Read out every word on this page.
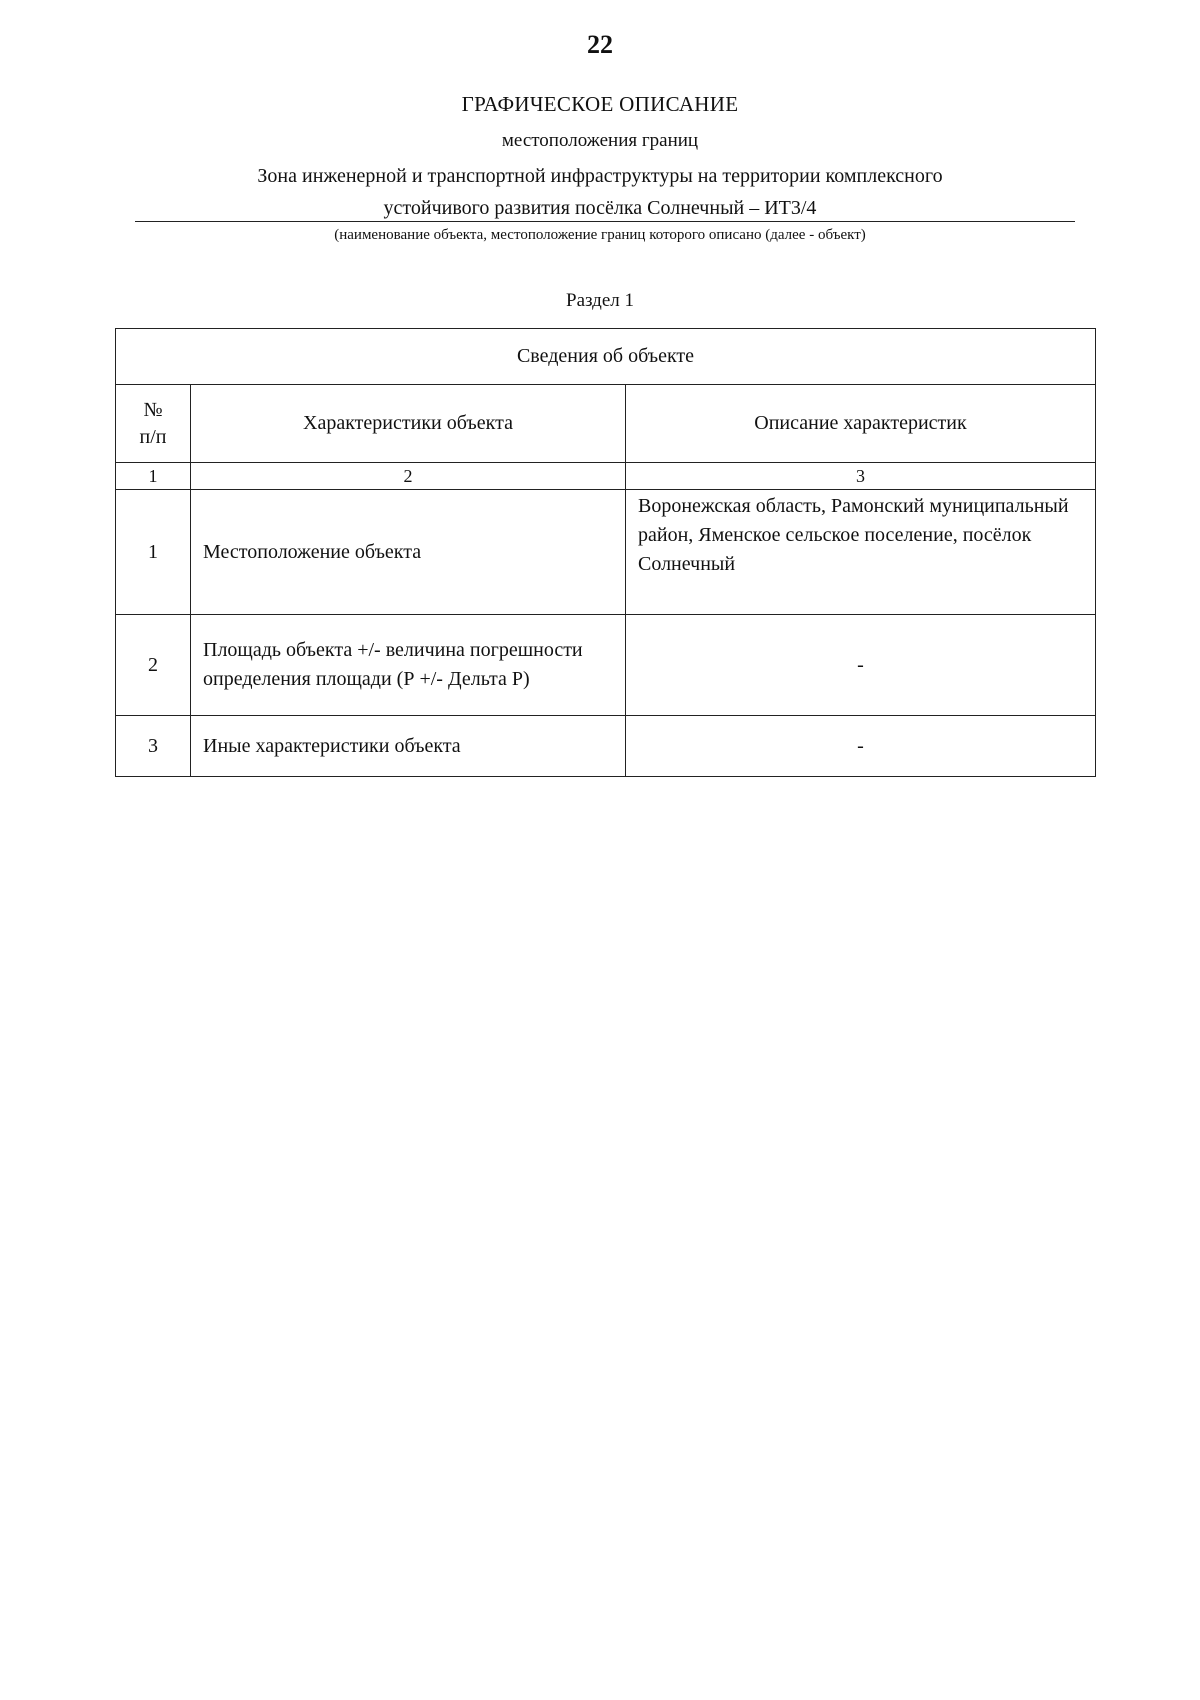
22
ГРАФИЧЕСКОЕ ОПИСАНИЕ
местоположения границ
Зона инженерной и транспортной инфраструктуры на территории комплексного
устойчивого развития посёлка Солнечный – ИТ3/4
(наименование объекта, местоположение границ которого описано (далее - объект)
Раздел 1
Сведения об объекте		

№
п/п	Характеристики объекта	Описание характеристик
1	2	3
1	Местоположение объекта	Воронежская область, Рамонский муниципальный район, Яменское сельское поселение, посёлок Солнечный
2	Площадь объекта +/- величина погрешности определения площади (Р +/- Дельта Р)	-
3	Иные характеристики объекта	-
